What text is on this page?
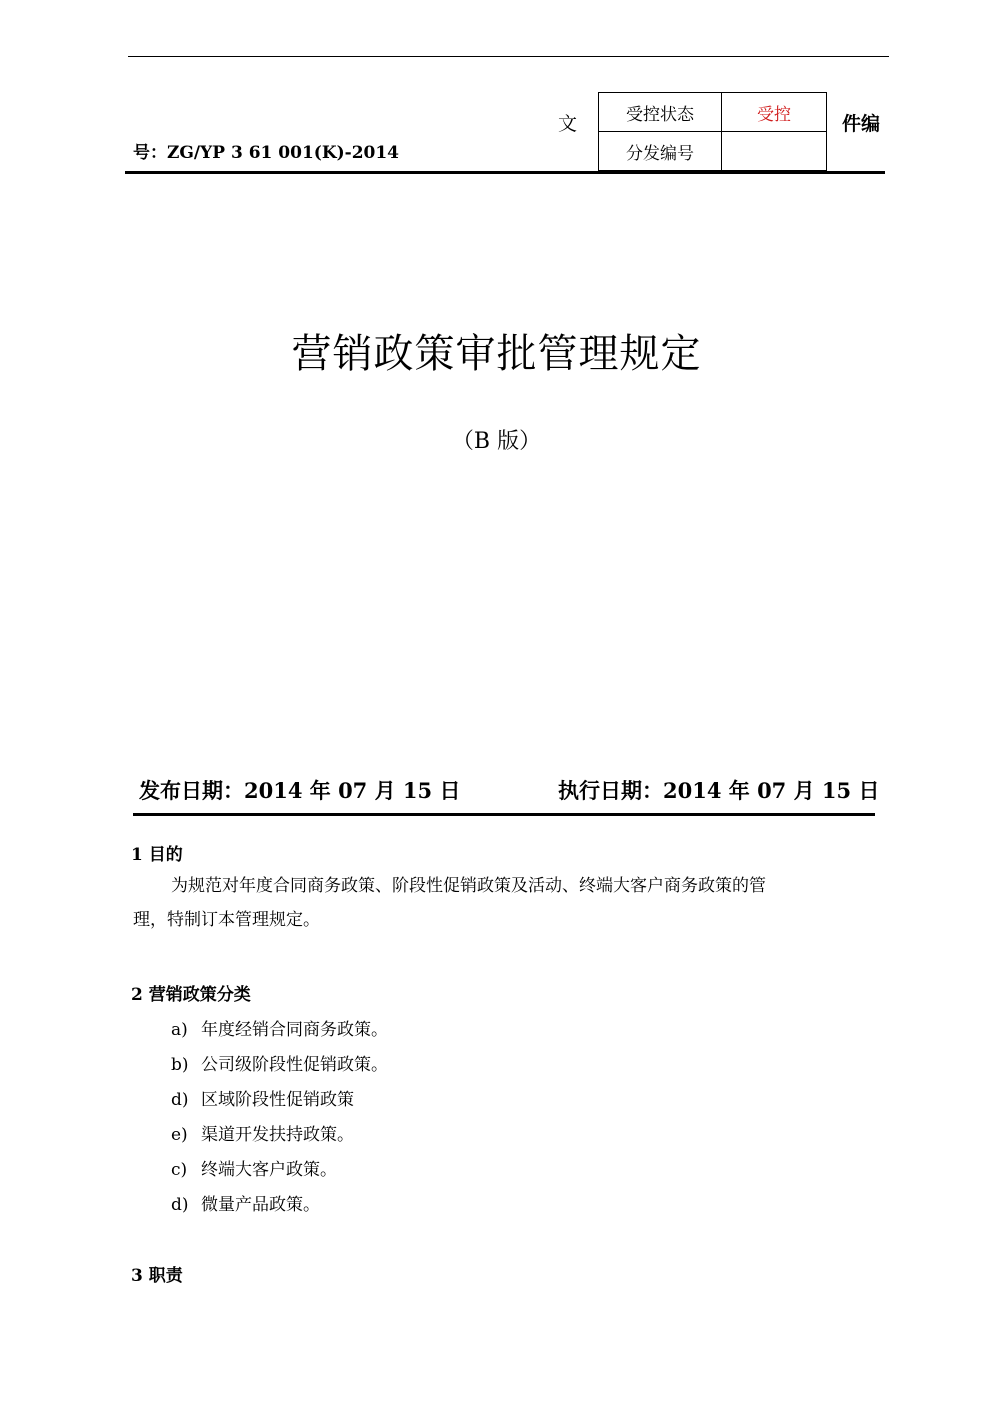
文	件编
号：ZG/YP 3 61 001(K)-2014
受控状态	受控
分发编号	
营销政策审批管理规定
（B 版）
发布日期：2014 年 07 月 15 日	执行日期：2014 年 07 月 15 日
1 目的
为规范对年度合同商务政策、阶段性促销政策及活动、终端大客户商务政策的管
理，特制订本管理规定。
2 营销政策分类
a) 年度经销合同商务政策。
b) 公司级阶段性促销政策。
d) 区域阶段性促销政策
e) 渠道开发扶持政策。
c) 终端大客户政策。
d) 微量产品政策。
3 职责
